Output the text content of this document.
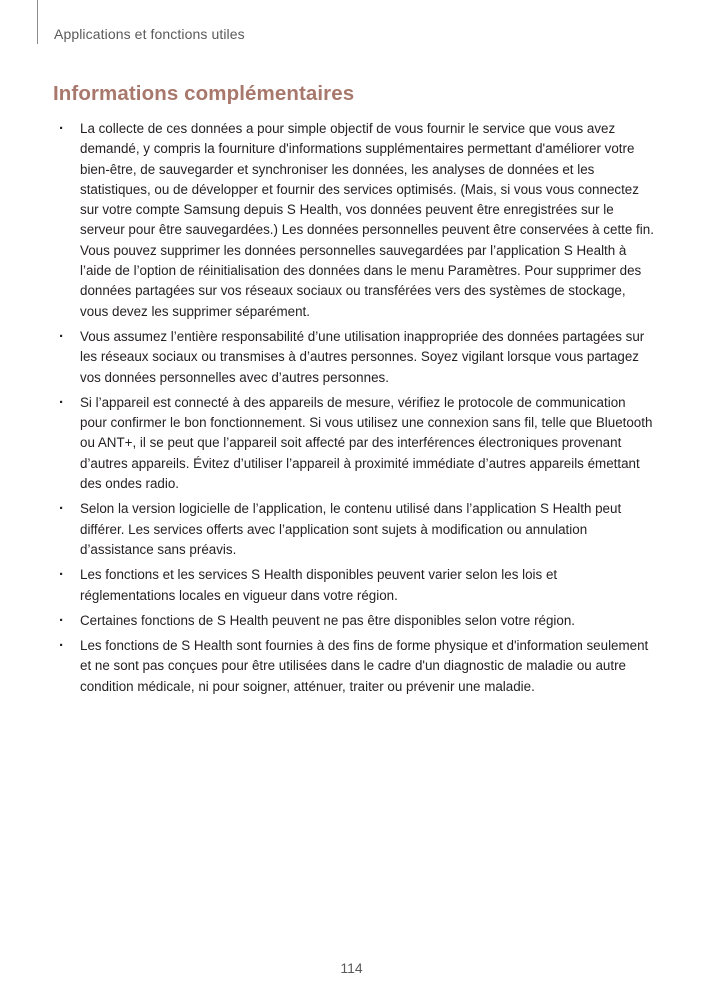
Applications et fonctions utiles
Informations complémentaires
· La collecte de ces données a pour simple objectif de vous fournir le service que vous avez demandé, y compris la fourniture d'informations supplémentaires permettant d'améliorer votre bien-être, de sauvegarder et synchroniser les données, les analyses de données et les statistiques, ou de développer et fournir des services optimisés. (Mais, si vous vous connectez sur votre compte Samsung depuis S Health, vos données peuvent être enregistrées sur le serveur pour être sauvegardées.) Les données personnelles peuvent être conservées à cette fin. Vous pouvez supprimer les données personnelles sauvegardées par l’application S Health à l’aide de l’option de réinitialisation des données dans le menu Paramètres. Pour supprimer des données partagées sur vos réseaux sociaux ou transférées vers des systèmes de stockage, vous devez les supprimer séparément.
· Vous assumez l’entière responsabilité d’une utilisation inappropriée des données partagées sur les réseaux sociaux ou transmises à d’autres personnes. Soyez vigilant lorsque vous partagez vos données personnelles avec d’autres personnes.
· Si l’appareil est connecté à des appareils de mesure, vérifiez le protocole de communication pour confirmer le bon fonctionnement. Si vous utilisez une connexion sans fil, telle que Bluetooth ou ANT+, il se peut que l’appareil soit affecté par des interférences électroniques provenant d’autres appareils. Évitez d’utiliser l’appareil à proximité immédiate d’autres appareils émettant des ondes radio.
· Selon la version logicielle de l’application, le contenu utilisé dans l’application S Health peut différer. Les services offerts avec l’application sont sujets à modification ou annulation d’assistance sans préavis.
· Les fonctions et les services S Health disponibles peuvent varier selon les lois et réglementations locales en vigueur dans votre région.
· Certaines fonctions de S Health peuvent ne pas être disponibles selon votre région.
· Les fonctions de S Health sont fournies à des fins de forme physique et d'information seulement et ne sont pas conçues pour être utilisées dans le cadre d'un diagnostic de maladie ou autre condition médicale, ni pour soigner, atténuer, traiter ou prévenir une maladie.
114
